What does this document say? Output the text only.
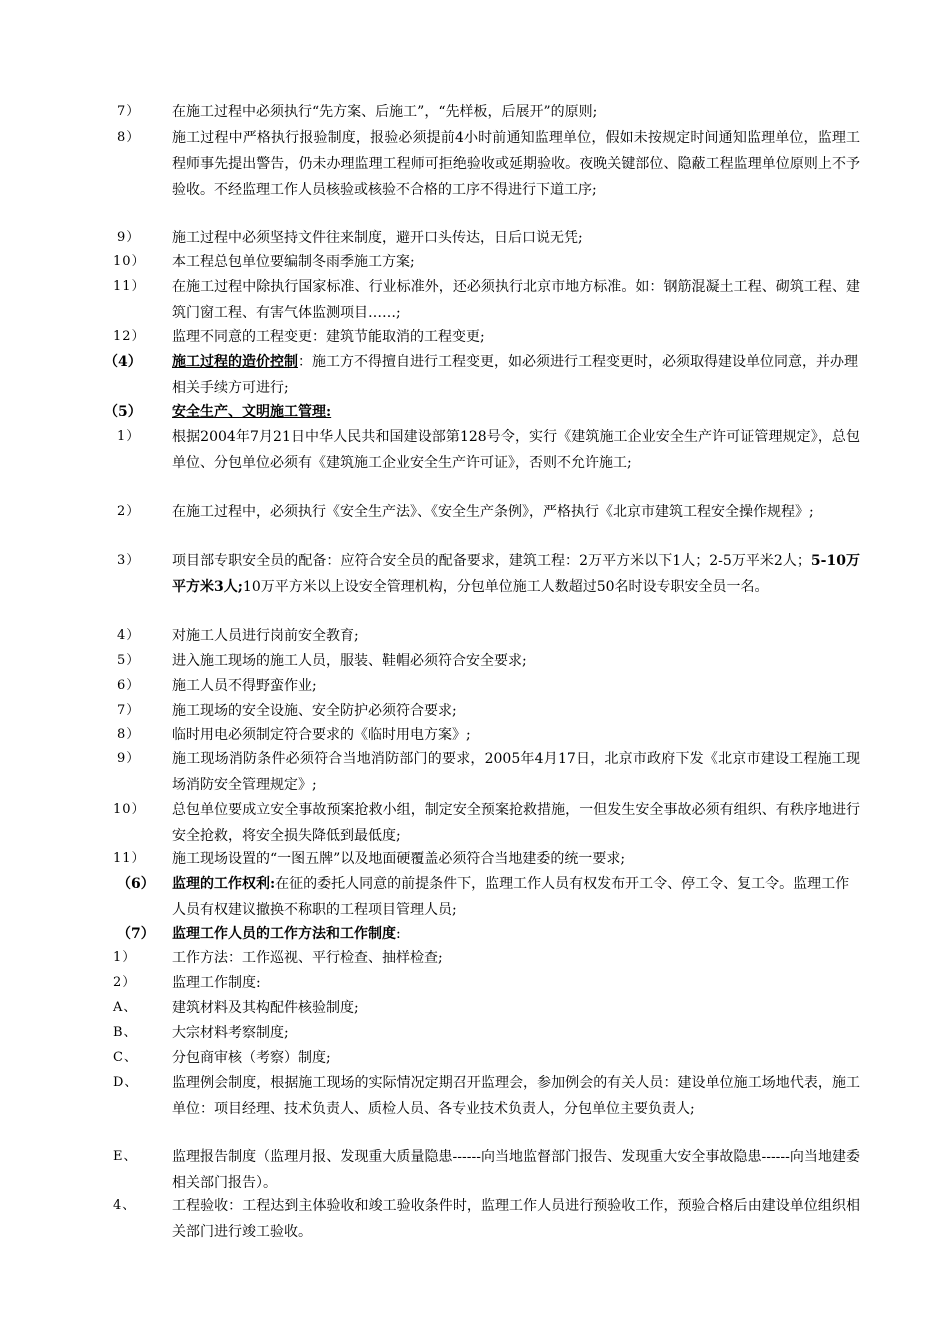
7） 在施工过程中必须执行“先方案、后施工”，“先样板，后展开”的原则;
8） 施工过程中严格执行报验制度，报验必须提前4小时前通知监理单位，假如未按规定时间通知监理单位，监理工程师事先提出警告，仍未办理监理工程师可拒绝验收或延期验收。夜晚关键部位、隐蔽工程监理单位原则上不予验收。不经监理工作人员核验或核验不合格的工序不得进行下道工序;
9） 施工过程中必须坚持文件往来制度，避开口头传达，日后口说无凭;
10） 本工程总包单位要编制冬雨季施工方案;
11） 在施工过程中除执行国家标准、行业标准外，还必须执行北京市地方标准。如：钢筋混凝土工程、砌筑工程、建筑门窗工程、有害气体监测项目……;
12） 监理不同意的工程变更：建筑节能取消的工程变更;
（4） 施工过程的造价控制：施工方不得擅自进行工程变更，如必须进行工程变更时，必须取得建设单位同意，并办理相关手续方可进行;
（5） 安全生产、文明施工管理:
1） 根据2004年7月21日中华人民共和国建设部第128号令，实行《建筑施工企业安全生产许可证管理规定》，总包单位、分包单位必须有《建筑施工企业安全生产许可证》，否则不允许施工;
2） 在施工过程中，必须执行《安全生产法》、《安全生产条例》，严格执行《北京市建筑工程安全操作规程》;
3） 项目部专职安全员的配备：应符合安全员的配备要求，建筑工程：2万平方米以下1人；2-5万平米2人；5-10万平方米3人;10万平方米以上设安全管理机构，分包单位施工人数超过50名时设专职安全员一名。
4） 对施工人员进行岗前安全教育;
5） 进入施工现场的施工人员，服装、鞋帽必须符合安全要求;
6） 施工人员不得野蛮作业;
7） 施工现场的安全设施、安全防护必须符合要求;
8） 临时用电必须制定符合要求的《临时用电方案》;
9） 施工现场消防条件必须符合当地消防部门的要求，2005年4月17日，北京市政府下发《北京市建设工程施工现场消防安全管理规定》;
10） 总包单位要成立安全事故预案抢救小组，制定安全预案抢救措施，一但发生安全事故必须有组织、有秩序地进行安全抢救，将安全损失降低到最低度;
11） 施工现场设置的“一图五牌”以及地面硬覆盖必须符合当地建委的统一要求;
（6） 监理的工作权利:在征的委托人同意的前提条件下，监理工作人员有权发布开工令、停工令、复工令。监理工作人员有权建议撤换不称职的工程项目管理人员;
（7） 监理工作人员的工作方法和工作制度:
1）	工作方法：工作巡视、平行检查、抽样检查;
2）	监理工作制度:
A、 建筑材料及其构配件核验制度;
B、 大宗材料考察制度;
C、 分包商审核（考察）制度;
D、 监理例会制度，根据施工现场的实际情况定期召开监理会，参加例会的有关人员：建设单位施工场地代表，施工单位：项目经理、技术负责人、质检人员、各专业技术负责人，分包单位主要负责人;
E、 监理报告制度（监理月报、发现重大质量隐患------向当地监督部门报告、发现重大安全事故隐患------向当地建委相关部门报告）。
4、	工程验收：工程达到主体验收和竣工验收条件时，监理工作人员进行预验收工作，预验合格后由建设单位组织相关部门进行竣工验收。
